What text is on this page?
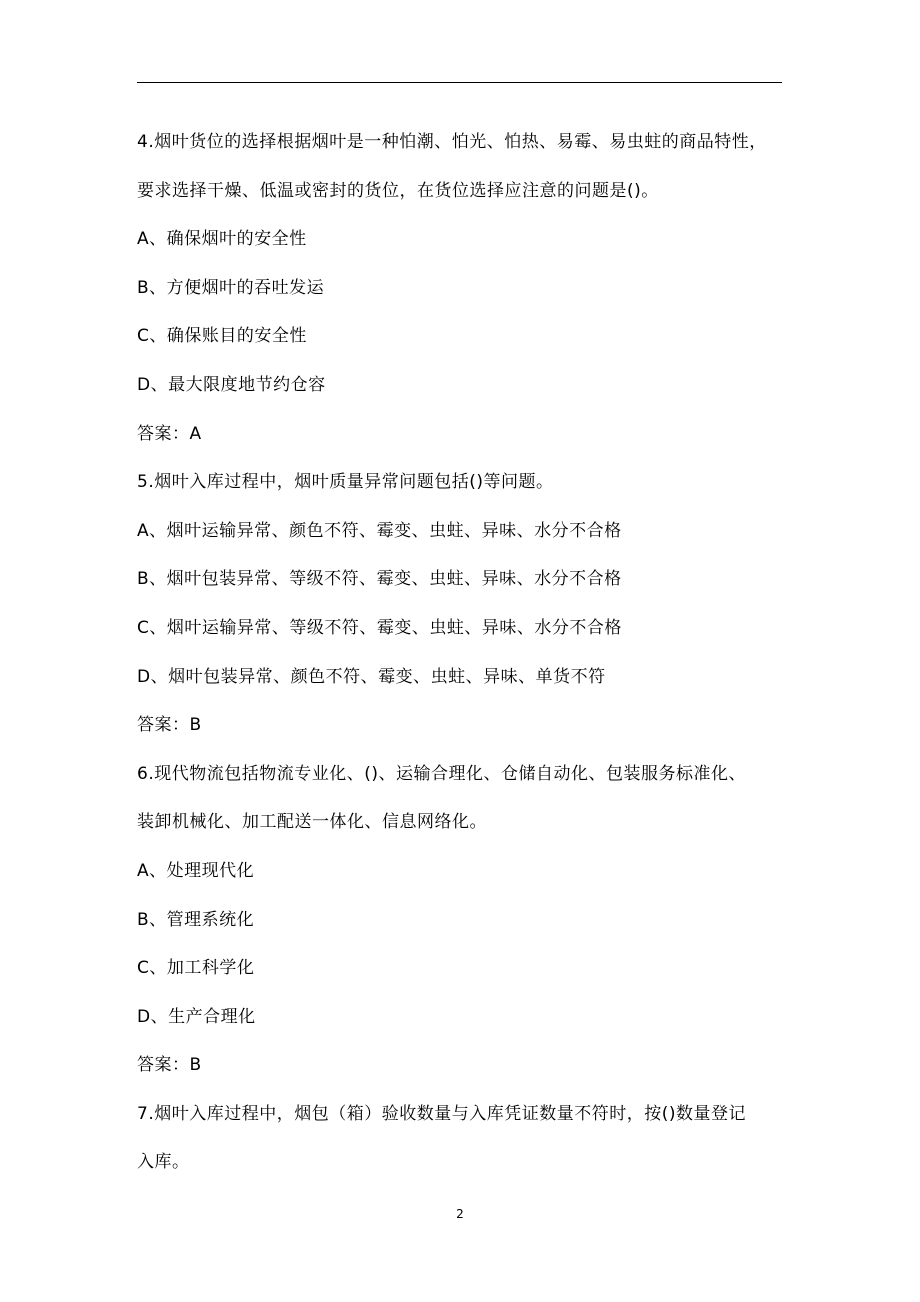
4.烟叶货位的选择根据烟叶是一种怕潮、怕光、怕热、易霉、易虫蛀的商品特性，
要求选择干燥、低温或密封的货位，在货位选择应注意的问题是()。
A、确保烟叶的安全性
B、方便烟叶的吞吐发运
C、确保账目的安全性
D、最大限度地节约仓容
答案：A
5.烟叶入库过程中，烟叶质量异常问题包括()等问题。
A、烟叶运输异常、颜色不符、霉变、虫蛀、异味、水分不合格
B、烟叶包装异常、等级不符、霉变、虫蛀、异味、水分不合格
C、烟叶运输异常、等级不符、霉变、虫蛀、异味、水分不合格
D、烟叶包装异常、颜色不符、霉变、虫蛀、异味、单货不符
答案：B
6.现代物流包括物流专业化、()、运输合理化、仓储自动化、包装服务标准化、
装卸机械化、加工配送一体化、信息网络化。
A、处理现代化
B、管理系统化
C、加工科学化
D、生产合理化
答案：B
7.烟叶入库过程中，烟包（箱）验收数量与入库凭证数量不符时，按()数量登记
入库。
2
